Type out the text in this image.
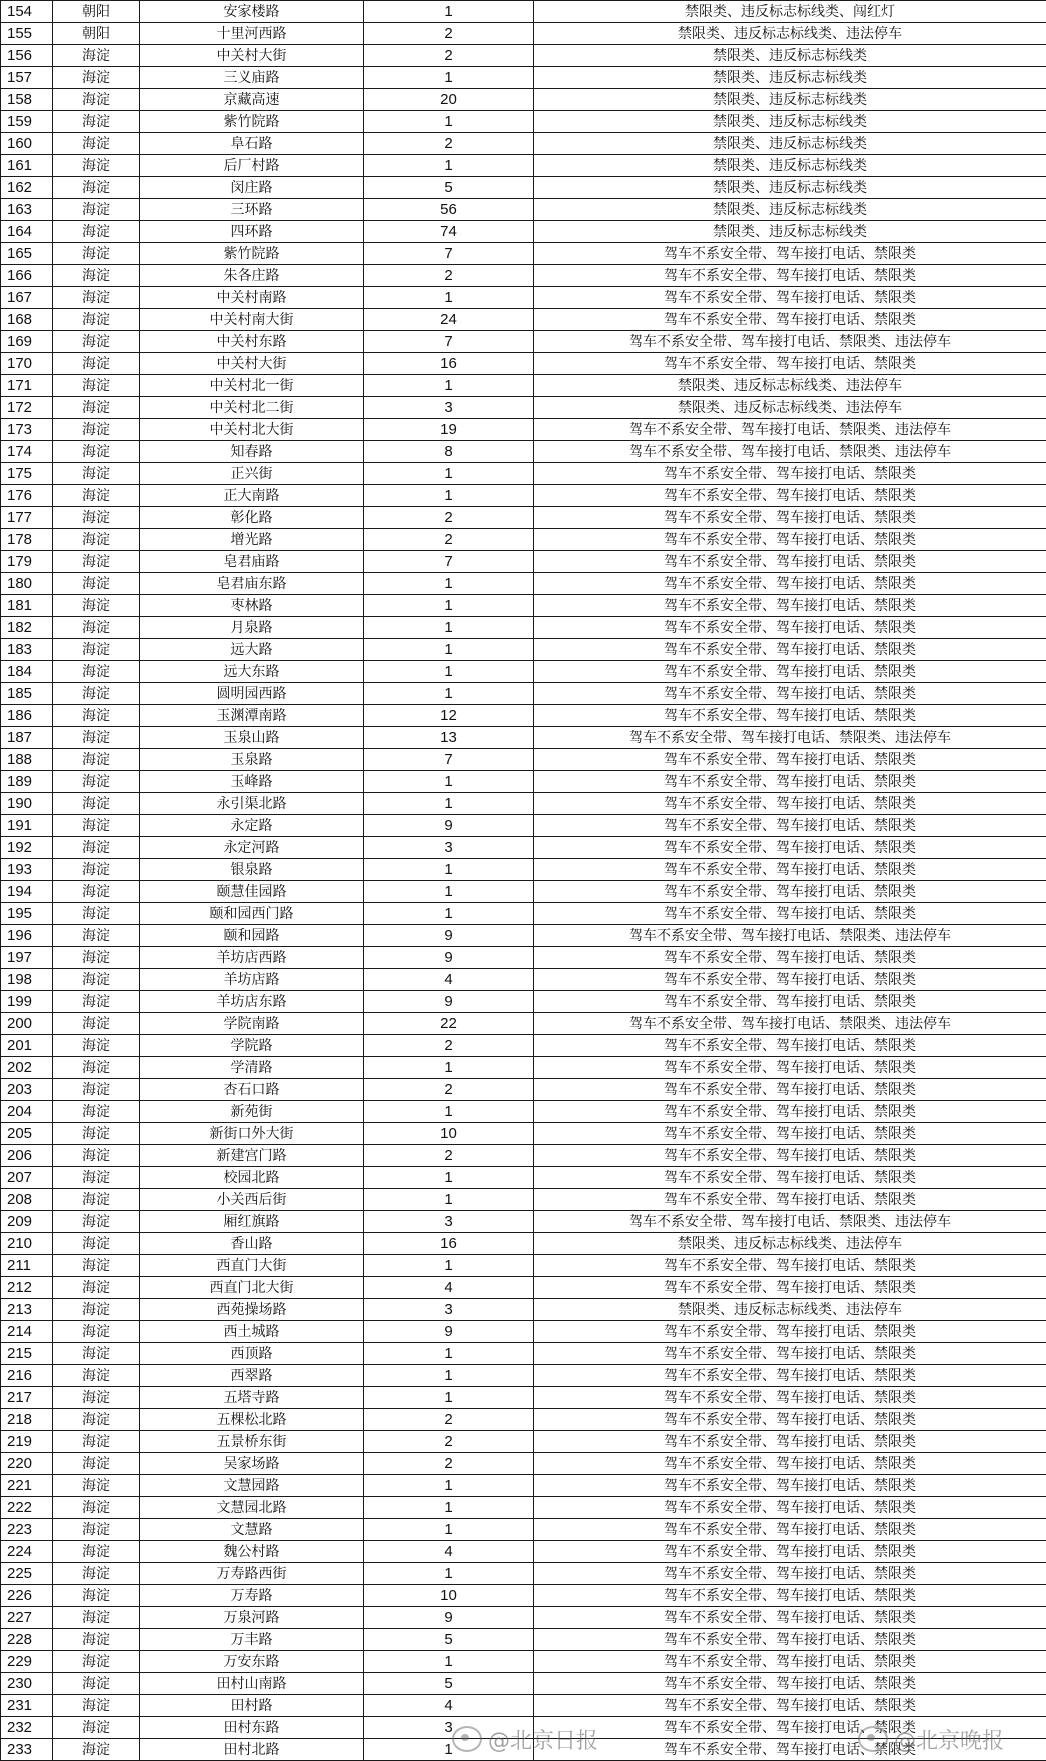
154	朝阳	安家楼路	1	禁限类、违反标志标线类、闯红灯
155	朝阳	十里河西路	2	禁限类、违反标志标线类、违法停车
156	海淀	中关村大街	2	禁限类、违反标志标线类
157	海淀	三义庙路	1	禁限类、违反标志标线类
158	海淀	京藏高速	20	禁限类、违反标志标线类
159	海淀	紫竹院路	1	禁限类、违反标志标线类
160	海淀	阜石路	2	禁限类、违反标志标线类
161	海淀	后厂村路	1	禁限类、违反标志标线类
162	海淀	闵庄路	5	禁限类、违反标志标线类
163	海淀	三环路	56	禁限类、违反标志标线类
164	海淀	四环路	74	禁限类、违反标志标线类
165	海淀	紫竹院路	7	驾车不系安全带、驾车接打电话、禁限类
166	海淀	朱各庄路	2	驾车不系安全带、驾车接打电话、禁限类
167	海淀	中关村南路	1	驾车不系安全带、驾车接打电话、禁限类
168	海淀	中关村南大街	24	驾车不系安全带、驾车接打电话、禁限类
169	海淀	中关村东路	7	驾车不系安全带、驾车接打电话、禁限类、违法停车
170	海淀	中关村大街	16	驾车不系安全带、驾车接打电话、禁限类
171	海淀	中关村北一街	1	禁限类、违反标志标线类、违法停车
172	海淀	中关村北二街	3	禁限类、违反标志标线类、违法停车
173	海淀	中关村北大街	19	驾车不系安全带、驾车接打电话、禁限类、违法停车
174	海淀	知春路	8	驾车不系安全带、驾车接打电话、禁限类、违法停车
175	海淀	正兴街	1	驾车不系安全带、驾车接打电话、禁限类
176	海淀	正大南路	1	驾车不系安全带、驾车接打电话、禁限类
177	海淀	彰化路	2	驾车不系安全带、驾车接打电话、禁限类
178	海淀	增光路	2	驾车不系安全带、驾车接打电话、禁限类
179	海淀	皂君庙路	7	驾车不系安全带、驾车接打电话、禁限类
180	海淀	皂君庙东路	1	驾车不系安全带、驾车接打电话、禁限类
181	海淀	枣林路	1	驾车不系安全带、驾车接打电话、禁限类
182	海淀	月泉路	1	驾车不系安全带、驾车接打电话、禁限类
183	海淀	远大路	1	驾车不系安全带、驾车接打电话、禁限类
184	海淀	远大东路	1	驾车不系安全带、驾车接打电话、禁限类
185	海淀	圆明园西路	1	驾车不系安全带、驾车接打电话、禁限类
186	海淀	玉渊潭南路	12	驾车不系安全带、驾车接打电话、禁限类
187	海淀	玉泉山路	13	驾车不系安全带、驾车接打电话、禁限类、违法停车
188	海淀	玉泉路	7	驾车不系安全带、驾车接打电话、禁限类
189	海淀	玉峰路	1	驾车不系安全带、驾车接打电话、禁限类
190	海淀	永引渠北路	1	驾车不系安全带、驾车接打电话、禁限类
191	海淀	永定路	9	驾车不系安全带、驾车接打电话、禁限类
192	海淀	永定河路	3	驾车不系安全带、驾车接打电话、禁限类
193	海淀	银泉路	1	驾车不系安全带、驾车接打电话、禁限类
194	海淀	颐慧佳园路	1	驾车不系安全带、驾车接打电话、禁限类
195	海淀	颐和园西门路	1	驾车不系安全带、驾车接打电话、禁限类
196	海淀	颐和园路	9	驾车不系安全带、驾车接打电话、禁限类、违法停车
197	海淀	羊坊店西路	9	驾车不系安全带、驾车接打电话、禁限类
198	海淀	羊坊店路	4	驾车不系安全带、驾车接打电话、禁限类
199	海淀	羊坊店东路	9	驾车不系安全带、驾车接打电话、禁限类
200	海淀	学院南路	22	驾车不系安全带、驾车接打电话、禁限类、违法停车
201	海淀	学院路	2	驾车不系安全带、驾车接打电话、禁限类
202	海淀	学清路	1	驾车不系安全带、驾车接打电话、禁限类
203	海淀	杏石口路	2	驾车不系安全带、驾车接打电话、禁限类
204	海淀	新苑街	1	驾车不系安全带、驾车接打电话、禁限类
205	海淀	新街口外大街	10	驾车不系安全带、驾车接打电话、禁限类
206	海淀	新建宫门路	2	驾车不系安全带、驾车接打电话、禁限类
207	海淀	校园北路	1	驾车不系安全带、驾车接打电话、禁限类
208	海淀	小关西后街	1	驾车不系安全带、驾车接打电话、禁限类
209	海淀	厢红旗路	3	驾车不系安全带、驾车接打电话、禁限类、违法停车
210	海淀	香山路	16	禁限类、违反标志标线类、违法停车
211	海淀	西直门大街	1	驾车不系安全带、驾车接打电话、禁限类
212	海淀	西直门北大街	4	驾车不系安全带、驾车接打电话、禁限类
213	海淀	西苑操场路	3	禁限类、违反标志标线类、违法停车
214	海淀	西土城路	9	驾车不系安全带、驾车接打电话、禁限类
215	海淀	西顶路	1	驾车不系安全带、驾车接打电话、禁限类
216	海淀	西翠路	1	驾车不系安全带、驾车接打电话、禁限类
217	海淀	五塔寺路	1	驾车不系安全带、驾车接打电话、禁限类
218	海淀	五棵松北路	2	驾车不系安全带、驾车接打电话、禁限类
219	海淀	五景桥东街	2	驾车不系安全带、驾车接打电话、禁限类
220	海淀	吴家场路	2	驾车不系安全带、驾车接打电话、禁限类
221	海淀	文慧园路	1	驾车不系安全带、驾车接打电话、禁限类
222	海淀	文慧园北路	1	驾车不系安全带、驾车接打电话、禁限类
223	海淀	文慧路	1	驾车不系安全带、驾车接打电话、禁限类
224	海淀	魏公村路	4	驾车不系安全带、驾车接打电话、禁限类
225	海淀	万寿路西街	1	驾车不系安全带、驾车接打电话、禁限类
226	海淀	万寿路	10	驾车不系安全带、驾车接打电话、禁限类
227	海淀	万泉河路	9	驾车不系安全带、驾车接打电话、禁限类
228	海淀	万丰路	5	驾车不系安全带、驾车接打电话、禁限类
229	海淀	万安东路	1	驾车不系安全带、驾车接打电话、禁限类
230	海淀	田村山南路	5	驾车不系安全带、驾车接打电话、禁限类
231	海淀	田村路	4	驾车不系安全带、驾车接打电话、禁限类
232	海淀	田村东路	3	驾车不系安全带、驾车接打电话、禁限类
233	海淀	田村北路	1	驾车不系安全带、驾车接打电话、禁限类
@北京日报	@北京晚报
